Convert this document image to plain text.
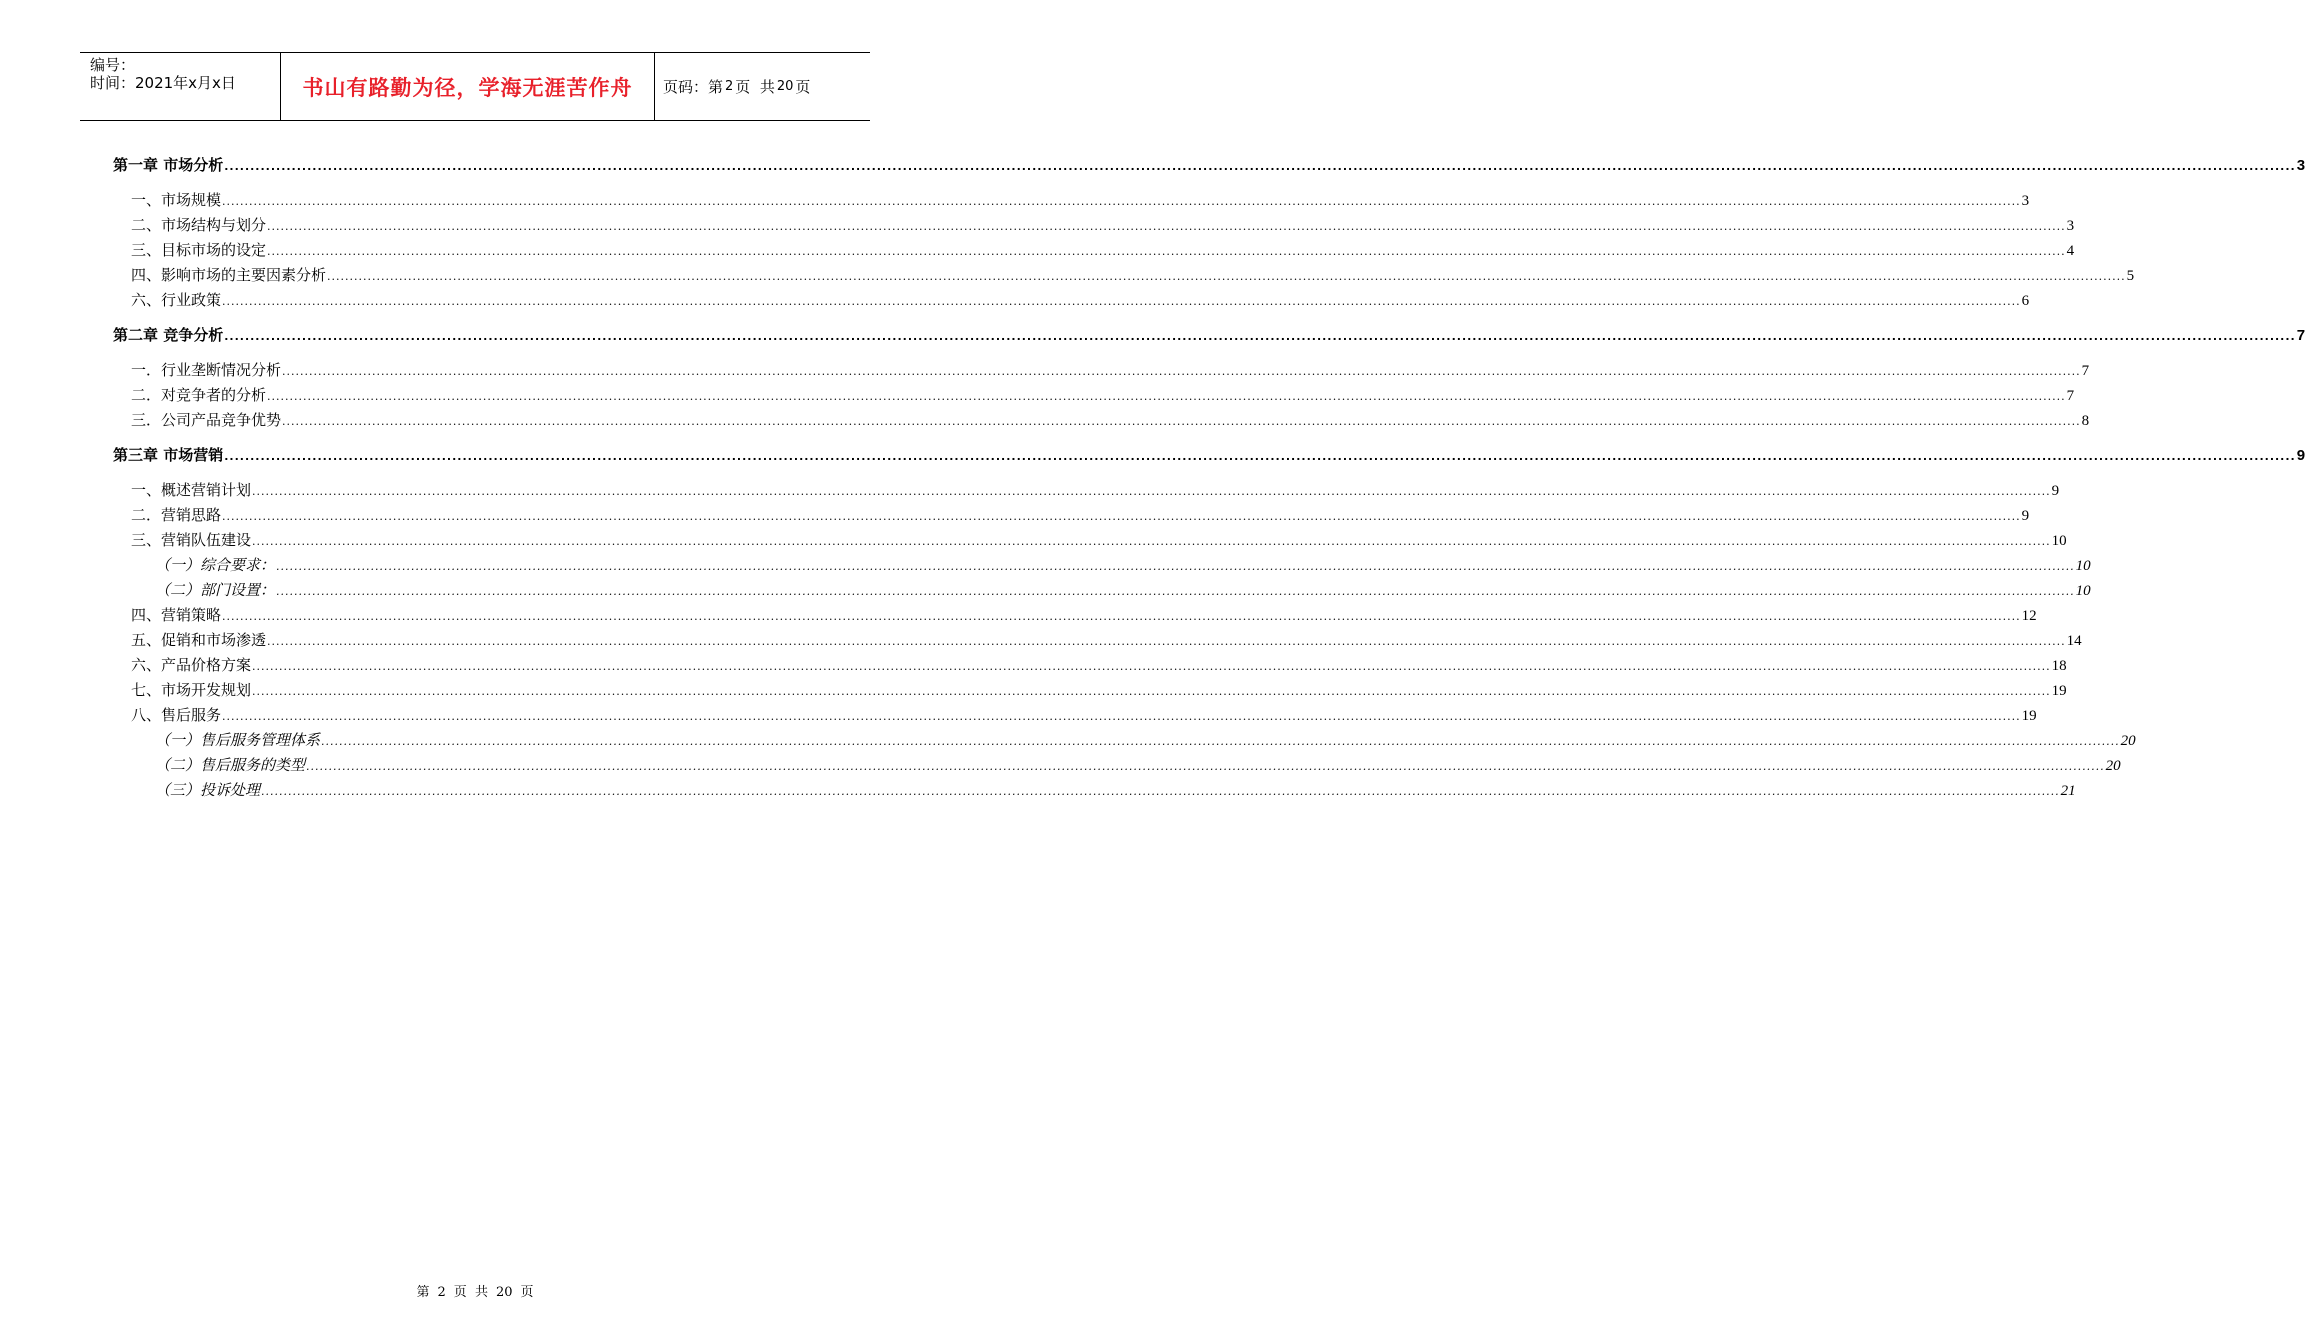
编号：
时间：2021年x月x日	书山有路勤为径，学海无涯苦作舟	页码：第 2 页  共 20 页
第一章 市场分析 ................................................................................................................................................................................................................................................................................................................................................................................................................ 3
一、市场规模 ................................................................................................................................................................................................................................................................................................................................................................................................................ 3
二、市场结构与划分 ................................................................................................................................................................................................................................................................................................................................................................................................................ 3
三、目标市场的设定 ................................................................................................................................................................................................................................................................................................................................................................................................................ 4
四、影响市场的主要因素分析 ................................................................................................................................................................................................................................................................................................................................................................................................................ 5
六、行业政策 ................................................................................................................................................................................................................................................................................................................................................................................................................ 6
第二章 竞争分析 ................................................................................................................................................................................................................................................................................................................................................................................................................ 7
一．行业垄断情况分析 ................................................................................................................................................................................................................................................................................................................................................................................................................ 7
二．对竞争者的分析 ................................................................................................................................................................................................................................................................................................................................................................................................................ 7
三．公司产品竞争优势 ................................................................................................................................................................................................................................................................................................................................................................................................................ 8
第三章 市场营销 ................................................................................................................................................................................................................................................................................................................................................................................................................ 9
一、概述营销计划 ................................................................................................................................................................................................................................................................................................................................................................................................................ 9
二．营销思路 ................................................................................................................................................................................................................................................................................................................................................................................................................ 9
三、营销队伍建设 ................................................................................................................................................................................................................................................................................................................................................................................................................ 10
（一）综合要求： ................................................................................................................................................................................................................................................................................................................................................................................................................ 10
（二）部门设置： ................................................................................................................................................................................................................................................................................................................................................................................................................ 10
四、营销策略 ................................................................................................................................................................................................................................................................................................................................................................................................................ 12
五、促销和市场渗透 ................................................................................................................................................................................................................................................................................................................................................................................................................ 14
六、产品价格方案 ................................................................................................................................................................................................................................................................................................................................................................................................................ 18
七、市场开发规划 ................................................................................................................................................................................................................................................................................................................................................................................................................ 19
八、售后服务 ................................................................................................................................................................................................................................................................................................................................................................................................................ 19
（一）售后服务管理体系 ................................................................................................................................................................................................................................................................................................................................................................................................................ 20
（二）售后服务的类型 ................................................................................................................................................................................................................................................................................................................................................................................................................ 20
（三）投诉处理 ................................................................................................................................................................................................................................................................................................................................................................................................................ 21
第 2 页  共 20 页
